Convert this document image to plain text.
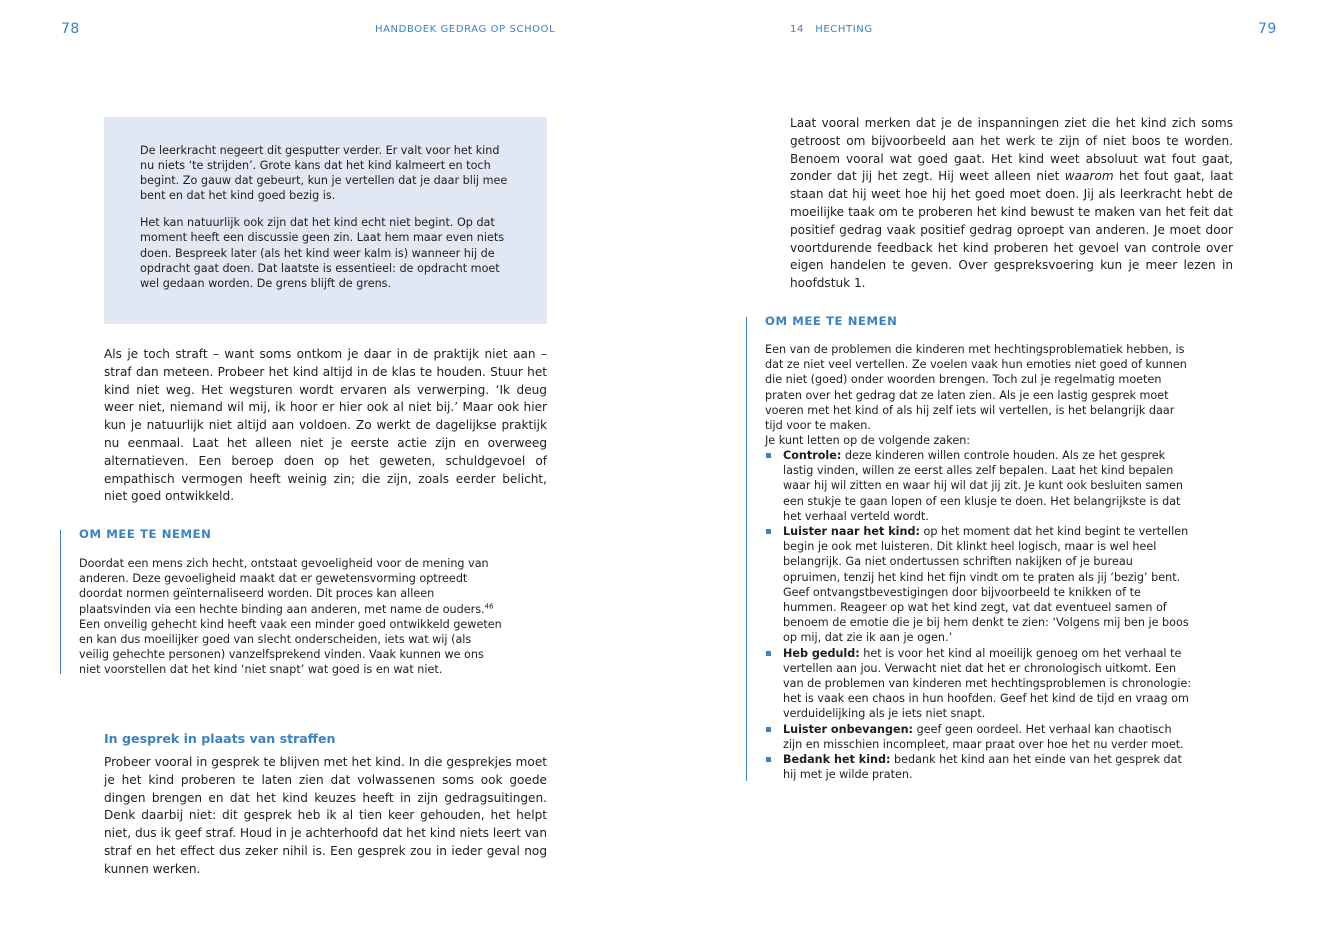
78	HANDBOEK GEDRAG OP SCHOOL

De leerkracht negeert dit gesputter verder. Er valt voor het kind nu niets ‘te strijden’. Grote kans dat het kind kalmeert en toch begint. Zo gauw dat gebeurt, kun je vertellen dat je daar blij mee bent en dat het kind goed bezig is.

Het kan natuurlijk ook zijn dat het kind echt niet begint. Op dat moment heeft een discussie geen zin. Laat hem maar even niets doen. Bespreek later (als het kind weer kalm is) wanneer hij de opdracht gaat doen. Dat laatste is essentieel: de opdracht moet wel gedaan worden. De grens blijft de grens.

Als je toch straft – want soms ontkom je daar in de praktijk niet aan – straf dan meteen. Probeer het kind altijd in de klas te houden. Stuur het kind niet weg. Het wegsturen wordt ervaren als verwerping. ‘Ik deug weer niet, niemand wil mij, ik hoor er hier ook al niet bij.’ Maar ook hier kun je natuurlijk niet altijd aan voldoen. Zo werkt de dagelijkse praktijk nu eenmaal. Laat het alleen niet je eerste actie zijn en overweeg alternatieven. Een beroep doen op het geweten, schuldgevoel of empathisch vermogen heeft weinig zin; die zijn, zoals eerder belicht, niet goed ontwikkeld.

OM MEE TE NEMEN

Doordat een mens zich hecht, ontstaat gevoeligheid voor de mening van anderen. Deze gevoeligheid maakt dat er gewetensvorming optreedt doordat normen geïnternaliseerd worden. Dit proces kan alleen plaatsvinden via een hechte binding aan anderen, met name de ouders.$^{46}$ Een onveilig gehecht kind heeft vaak een minder goed ontwikkeld geweten en kan dus moeilijker goed van slecht onderscheiden, iets wat wij (als veilig gehechte personen) vanzelfsprekend vinden. Vaak kunnen we ons niet voorstellen dat het kind ‘niet snapt’ wat goed is en wat niet.

In gesprek in plaats van straffen

Probeer vooral in gesprek te blijven met het kind. In die gesprekjes moet je het kind proberen te laten zien dat volwassenen soms ook goede dingen brengen en dat het kind keuzes heeft in zijn gedragsuitingen. Denk daarbij niet: dit gesprek heb ik al tien keer gehouden, het helpt niet, dus ik geef straf. Houd in je achterhoofd dat het kind niets leert van straf en het effect dus zeker nihil is. Een gesprek zou in ieder geval nog kunnen werken.

14   HECHTING	79

Laat vooral merken dat je de inspanningen ziet die het kind zich soms getroost om bijvoorbeeld aan het werk te zijn of niet boos te worden. Benoem vooral wat goed gaat. Het kind weet absoluut wat fout gaat, zonder dat jij het zegt. Hij weet alleen niet waarom het fout gaat, laat staan dat hij weet hoe hij het goed moet doen. Jij als leerkracht hebt de moeilijke taak om te proberen het kind bewust te maken van het feit dat positief gedrag vaak positief gedrag oproept van anderen. Je moet door voortdurende feedback het kind proberen het gevoel van controle over eigen handelen te geven. Over gespreksvoering kun je meer lezen in hoofdstuk 1.

OM MEE TE NEMEN

Een van de problemen die kinderen met hechtingsproblematiek hebben, is dat ze niet veel vertellen. Ze voelen vaak hun emoties niet goed of kunnen die niet (goed) onder woorden brengen. Toch zul je regelmatig moeten praten over het gedrag dat ze laten zien. Als je een lastig gesprek moet voeren met het kind of als hij zelf iets wil vertellen, is het belangrijk daar tijd voor te maken.

Je kunt letten op de volgende zaken:

Controle: deze kinderen willen controle houden. Als ze het gesprek lastig vinden, willen ze eerst alles zelf bepalen. Laat het kind bepalen waar hij wil zitten en waar hij wil dat jij zit. Je kunt ook besluiten samen een stukje te gaan lopen of een klusje te doen. Het belangrijkste is dat het verhaal verteld wordt.
Luister naar het kind: op het moment dat het kind begint te vertellen begin je ook met luisteren. Dit klinkt heel logisch, maar is wel heel belangrijk. Ga niet ondertussen schriften nakijken of je bureau opruimen, tenzij het kind het fijn vindt om te praten als jij ‘bezig’ bent. Geef ontvangstbevestigingen door bijvoorbeeld te knikken of te hummen. Reageer op wat het kind zegt, vat dat eventueel samen of benoem de emotie die je bij hem denkt te zien: ‘Volgens mij ben je boos op mij, dat zie ik aan je ogen.’
Heb geduld: het is voor het kind al moeilijk genoeg om het verhaal te vertellen aan jou. Verwacht niet dat het er chronologisch uitkomt. Een van de problemen van kinderen met hechtingsproblemen is chronologie: het is vaak een chaos in hun hoofden. Geef het kind de tijd en vraag om verduidelijking als je iets niet snapt.
Luister onbevangen: geef geen oordeel. Het verhaal kan chaotisch zijn en misschien incompleet, maar praat over hoe het nu verder moet.
Bedank het kind: bedank het kind aan het einde van het gesprek dat hij met je wilde praten.
